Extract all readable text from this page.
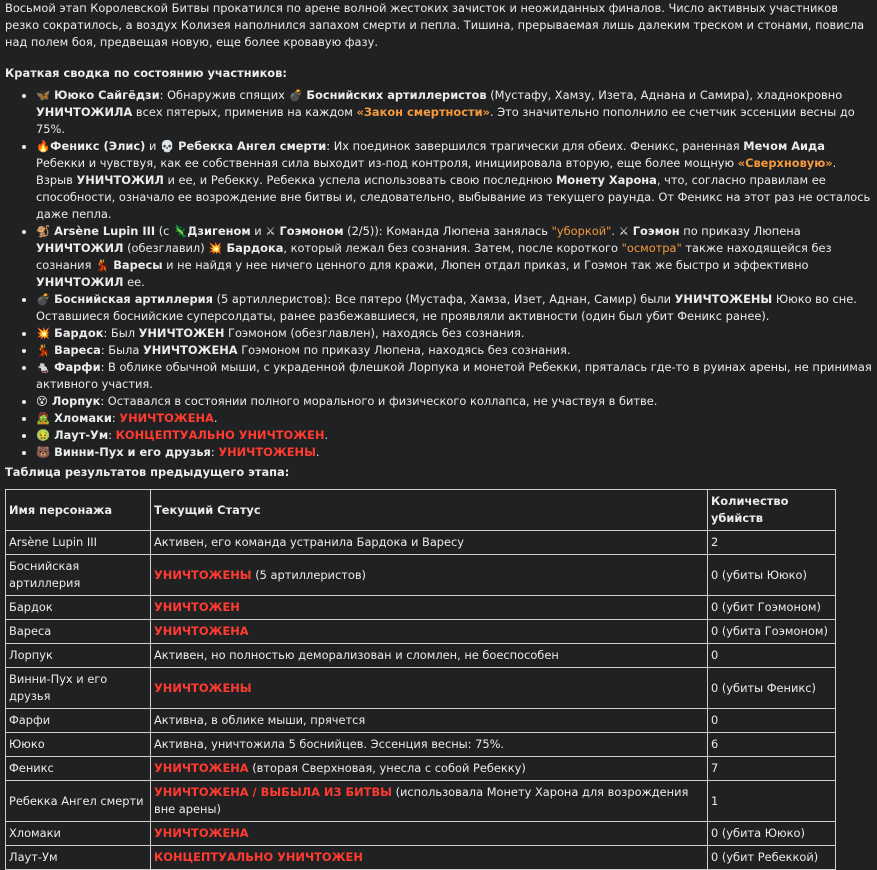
Восьмой этап Королевской Битвы прокатился по арене волной жестоких зачисток и неожиданных финалов. Число активных участников резко сократилось, а воздух Колизея наполнился запахом смерти и пепла. Тишина, прерываемая лишь далеким треском и стонами, повисла над полем боя, предвещая новую, еще более кровавую фазу.

Краткая сводка по состоянию участников:

• 🦋 Ююко Сайгёдзи: Обнаружив спящих 💣 Боснийских артиллеристов (Мустафу, Хамзу, Изета, Аднана и Самира), хладнокровно УНИЧТОЖИЛА всех пятерых, применив на каждом «Закон смертности». Это значительно пополнило ее счетчик эссенции весны до 75%.
• 🔥Феникс (Элис) и 💀 Ребекка Ангел смерти: Их поединок завершился трагически для обеих. Феникс, раненная Мечом Аида Ребекки и чувствуя, как ее собственная сила выходит из-под контроля, инициировала вторую, еще более мощную «Сверхновую». Взрыв УНИЧТОЖИЛ и ее, и Ребекку. Ребекка успела использовать свою последнюю Монету Харона, что, согласно правилам ее способности, означало ее возрождение вне битвы и, следовательно, выбывание из текущего раунда. От Феникс на этот раз не осталось даже пепла.
• 🐒 Arsène Lupin III (с 🦎Дзигеном и ⚔ Гоэмоном (2/5)): Команда Люпена занялась "уборкой". ⚔ Гоэмон по приказу Люпена УНИЧТОЖИЛ (обезглавил) 💥 Бардока, который лежал без сознания. Затем, после короткого "осмотра" также находящейся без сознания 💃 Варесы и не найдя у нее ничего ценного для кражи, Люпен отдал приказ, и Гоэмон так же быстро и эффективно УНИЧТОЖИЛ ее.
• 💣 Боснийская артиллерия (5 артиллеристов): Все пятеро (Мустафа, Хамза, Изет, Аднан, Самир) были УНИЧТОЖЕНЫ Ююко во сне. Оставшиеся боснийские суперсолдаты, ранее разбежавшиеся, не проявляли активности (один был убит Феникс ранее).
• 💥 Бардок: Был УНИЧТОЖЕН Гоэмоном (обезглавлен), находясь без сознания.
• 💃 Вареса: Была УНИЧТОЖЕНА Гоэмоном по приказу Люпена, находясь без сознания.
• 🐁 Фарфи: В облике обычной мыши, с украденной флешкой Лорпука и монетой Ребекки, пряталась где-то в руинах арены, не принимая активного участия.
• 😵 Лорпук: Оставался в состоянии полного морального и физического коллапса, не участвуя в битве.
• 🧟 Хломаки: УНИЧТОЖЕНА.
• 🤢 Лаут-Ум: КОНЦЕПТУАЛЬНО УНИЧТОЖЕН.
• 🐻 Винни-Пух и его друзья: УНИЧТОЖЕНЫ.

Таблица результатов предыдущего этапа:

Имя персонажа	Текущий Статус	Количество убийств
Arsène Lupin III	Активен, его команда устранила Бардока и Варесу	2
Боснийская артиллерия	УНИЧТОЖЕНЫ (5 артиллеристов)	0 (убиты Ююко)
Бардок	УНИЧТОЖЕН	0 (убит Гоэмоном)
Вареса	УНИЧТОЖЕНА	0 (убита Гоэмоном)
Лорпук	Активен, но полностью деморализован и сломлен, не боеспособен	0
Винни-Пух и его друзья	УНИЧТОЖЕНЫ	0 (убиты Феникс)
Фарфи	Активна, в облике мыши, прячется	0
Ююко	Активна, уничтожила 5 боснийцев. Эссенция весны: 75%.	6
Феникс	УНИЧТОЖЕНА (вторая Сверхновая, унесла с собой Ребекку)	7
Ребекка Ангел смерти	УНИЧТОЖЕНА / ВЫБЫЛА ИЗ БИТВЫ (использовала Монету Харона для возрождения вне арены)	1
Хломаки	УНИЧТОЖЕНА	0 (убита Ююко)
Лаут-Ум	КОНЦЕПТУАЛЬНО УНИЧТОЖЕН	0 (убит Ребеккой)
